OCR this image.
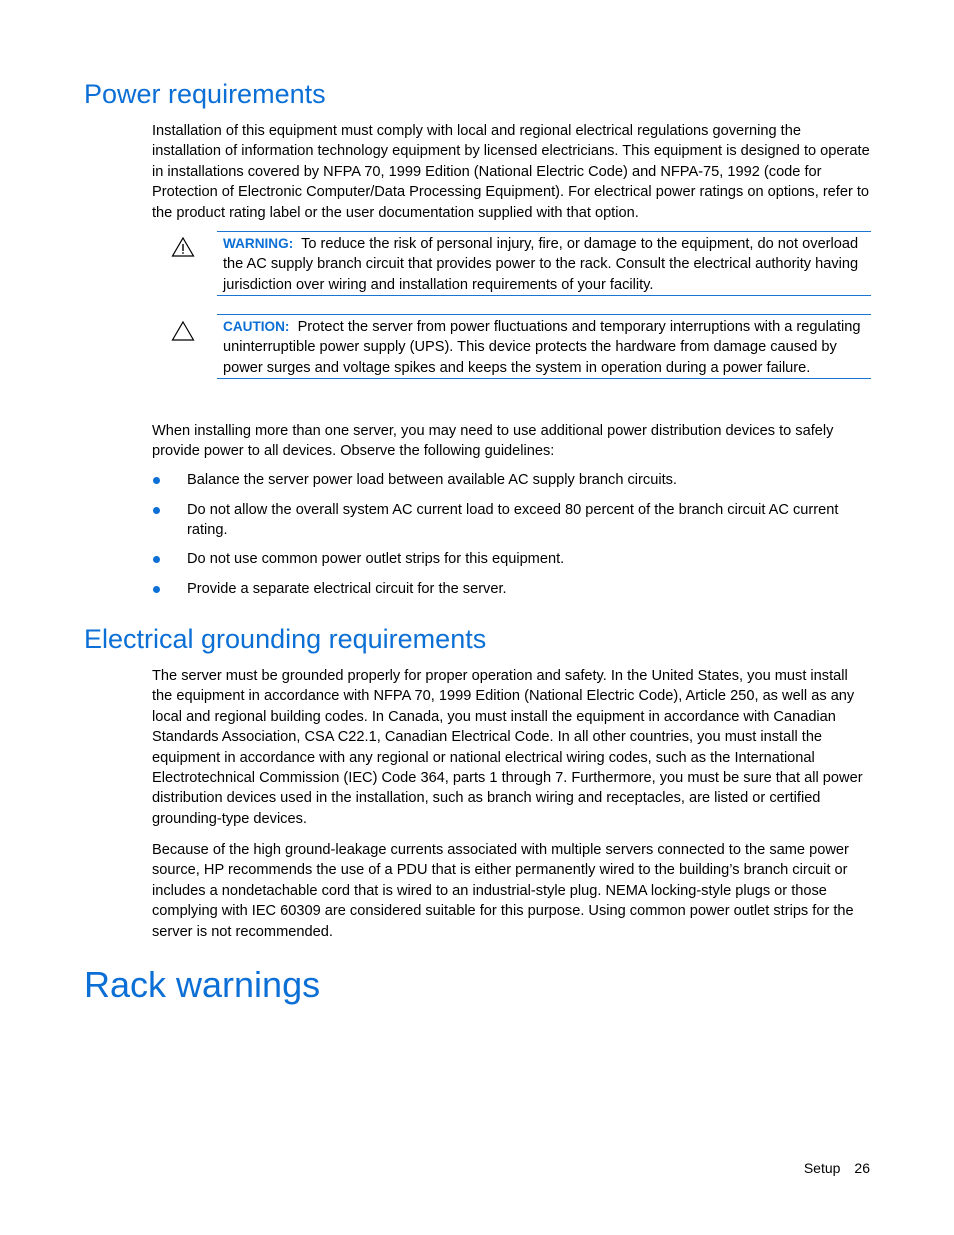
Power requirements

Installation of this equipment must comply with local and regional electrical regulations governing the installation of information technology equipment by licensed electricians. This equipment is designed to operate in installations covered by NFPA 70, 1999 Edition (National Electric Code) and NFPA-75, 1992 (code for Protection of Electronic Computer/Data Processing Equipment). For electrical power ratings on options, refer to the product rating label or the user documentation supplied with that option.

WARNING: To reduce the risk of personal injury, fire, or damage to the equipment, do not overload the AC supply branch circuit that provides power to the rack. Consult the electrical authority having jurisdiction over wiring and installation requirements of your facility.

CAUTION: Protect the server from power fluctuations and temporary interruptions with a regulating uninterruptible power supply (UPS). This device protects the hardware from damage caused by power surges and voltage spikes and keeps the system in operation during a power failure.

When installing more than one server, you may need to use additional power distribution devices to safely provide power to all devices. Observe the following guidelines:

Balance the server power load between available AC supply branch circuits.
Do not allow the overall system AC current load to exceed 80 percent of the branch circuit AC current rating.
Do not use common power outlet strips for this equipment.
Provide a separate electrical circuit for the server.
Electrical grounding requirements

The server must be grounded properly for proper operation and safety. In the United States, you must install the equipment in accordance with NFPA 70, 1999 Edition (National Electric Code), Article 250, as well as any local and regional building codes. In Canada, you must install the equipment in accordance with Canadian Standards Association, CSA C22.1, Canadian Electrical Code. In all other countries, you must install the equipment in accordance with any regional or national electrical wiring codes, such as the International Electrotechnical Commission (IEC) Code 364, parts 1 through 7. Furthermore, you must be sure that all power distribution devices used in the installation, such as branch wiring and receptacles, are listed or certified grounding-type devices.

Because of the high ground-leakage currents associated with multiple servers connected to the same power source, HP recommends the use of a PDU that is either permanently wired to the building’s branch circuit or includes a nondetachable cord that is wired to an industrial-style plug. NEMA locking-style plugs or those complying with IEC 60309 are considered suitable for this purpose. Using common power outlet strips for the server is not recommended.

Rack warnings
Setup 26
